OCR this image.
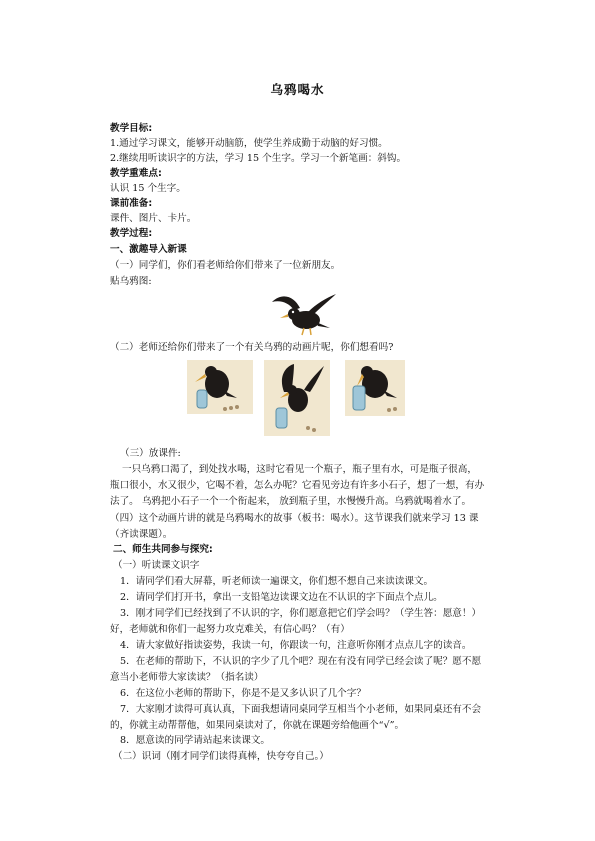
乌鸦喝水
教学目标:
1.通过学习课文，能够开动脑筋，使学生养成勤于动脑的好习惯。
2.继续用听读识字的方法，学习 15 个生字。学习一个新笔画：斜钩。
教学重难点:
认识 15 个生字。
课前准备:
课件、图片、卡片。
教学过程:
一、激趣导入新课
（一）同学们，你们看老师给你们带来了一位新朋友。
贴乌鸦图:
（二）老师还给你们带来了一个有关乌鸦的动画片呢，你们想看吗?
（三）放课件:
一只乌鸦口渴了，到处找水喝，这时它看见一个瓶子，瓶子里有水，可是瓶子很高，
瓶口很小，水又很少，它喝不着，怎么办呢？它看见旁边有许多小石子，想了一想，有办
法了。 乌鸦把小石子一个一个衔起来， 放到瓶子里，水慢慢升高。乌鸦就喝着水了。
（四）这个动画片讲的就是乌鸦喝水的故事（板书：喝水）。这节课我们就来学习 13 课
（齐读课题）。
二、师生共同参与探究:
（一）听读课文识字
1．请同学们看大屏幕，听老师读一遍课文，你们想不想自己来读读课文。
2．请同学们打开书，拿出一支铅笔边读课文边在不认识的字下面点个点儿。
3．刚才同学们已经找到了不认识的字，你们愿意把它们学会吗？（学生答：愿意！）
好，老师就和你们一起努力攻克难关，有信心吗？（有）
4．请大家做好指读姿势，我读一句，你跟读一句，注意听你刚才点点儿字的读音。
5．在老师的帮助下，不认识的字少了几个吧？现在有没有同学已经会读了呢？愿不愿
意当小老师带大家读读？（指名读）
6．在这位小老师的帮助下，你是不是又多认识了几个字？
7．大家刚才读得可真认真，下面我想请同桌同学互相当个小老师，如果同桌还有不会
的，你就主动帮帮他，如果同桌读对了，你就在课题旁给他画个“√”。
8．愿意读的同学请站起来读课文。
（二）识词（刚才同学们读得真棒，快夸夸自己。）
